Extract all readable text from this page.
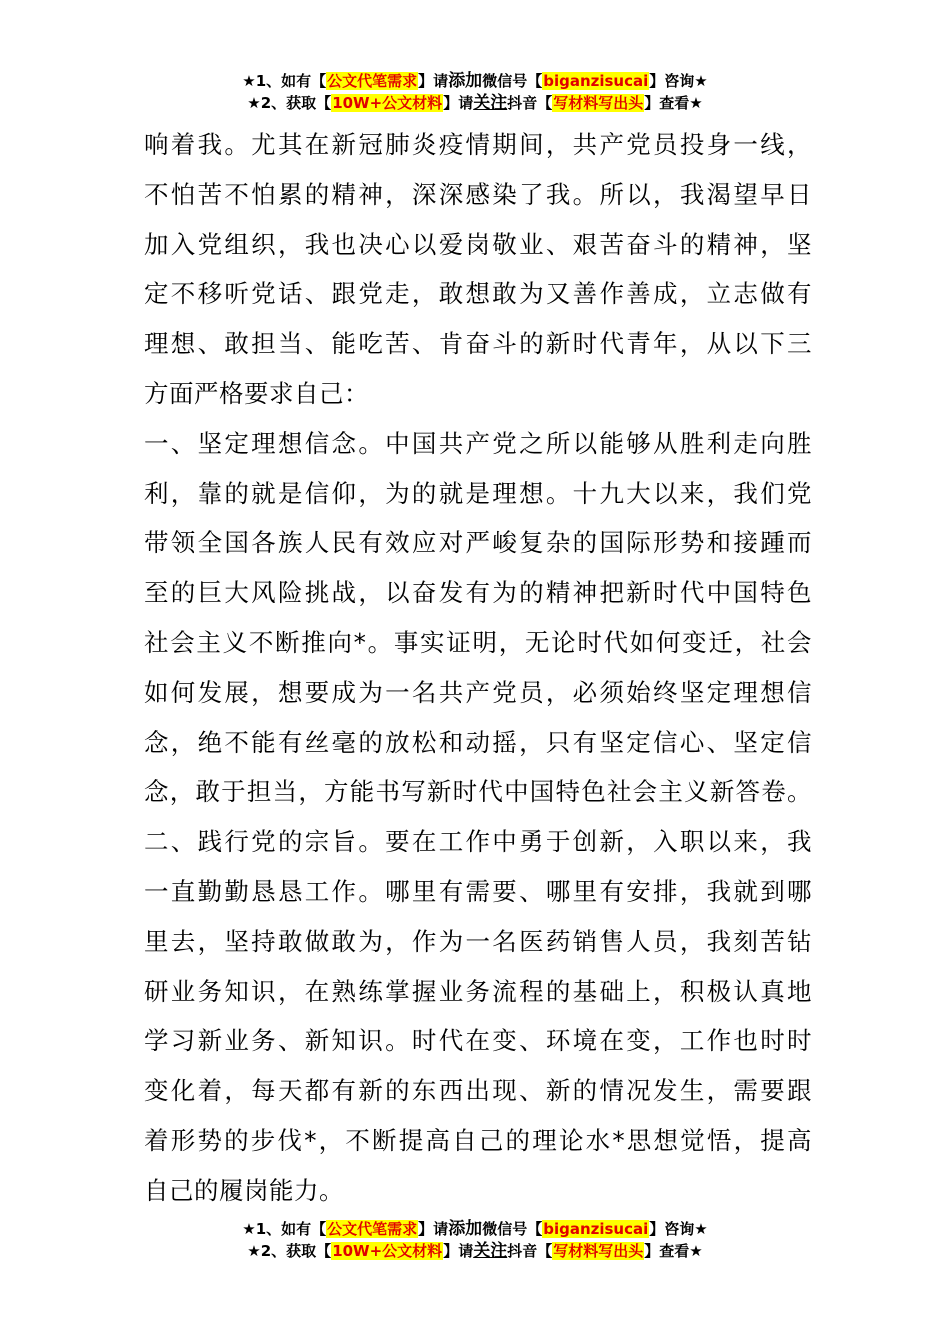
★1、如有【公文代笔需求】请添加微信号【biganzisucai】咨询★
★2、获取【10W+公文材料】请关注抖音【写材料写出头】查看★
响着我。尤其在新冠肺炎疫情期间，共产党员投身一线，
不怕苦不怕累的精神，深深感染了我。所以，我渴望早日
加入党组织，我也决心以爱岗敬业、艰苦奋斗的精神，坚
定不移听党话、跟党走，敢想敢为又善作善成，立志做有
理想、敢担当、能吃苦、肯奋斗的新时代青年，从以下三
方面严格要求自己：
一、坚定理想信念。中国共产党之所以能够从胜利走向胜
利，靠的就是信仰，为的就是理想。十九大以来，我们党
带领全国各族人民有效应对严峻复杂的国际形势和接踵而
至的巨大风险挑战，以奋发有为的精神把新时代中国特色
社会主义不断推向*。事实证明，无论时代如何变迁，社会
如何发展，想要成为一名共产党员，必须始终坚定理想信
念，绝不能有丝毫的放松和动摇，只有坚定信心、坚定信
念，敢于担当，方能书写新时代中国特色社会主义新答卷。
二、践行党的宗旨。要在工作中勇于创新，入职以来，我
一直勤勤恳恳工作。哪里有需要、哪里有安排，我就到哪
里去，坚持敢做敢为，作为一名医药销售人员，我刻苦钻
研业务知识，在熟练掌握业务流程的基础上，积极认真地
学习新业务、新知识。时代在变、环境在变，工作也时时
变化着，每天都有新的东西出现、新的情况发生，需要跟
着形势的步伐*，不断提高自己的理论水*思想觉悟，提高
自己的履岗能力。
★1、如有【公文代笔需求】请添加微信号【biganzisucai】咨询★
★2、获取【10W+公文材料】请关注抖音【写材料写出头】查看★
